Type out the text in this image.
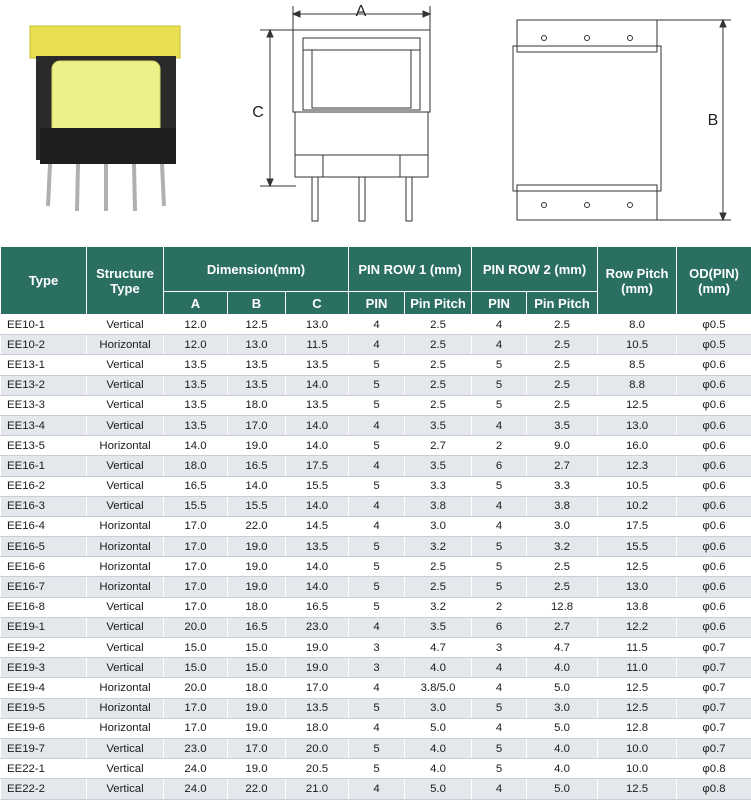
A
C	B
Type	Structure Type	Dimension(mm)			PIN ROW 1 (mm)		PIN ROW 2 (mm)		Row Pitch (mm)	OD(PIN) (mm)
		A	B	C	PIN	Pin Pitch	PIN	Pin Pitch		
EE10-1	Vertical	12.0	12.5	13.0	4	2.5	4	2.5	8.0	φ0.5
EE10-2	Horizontal	12.0	13.0	11.5	4	2.5	4	2.5	10.5	φ0.5
EE13-1	Vertical	13.5	13.5	13.5	5	2.5	5	2.5	8.5	φ0.6
EE13-2	Vertical	13.5	13.5	14.0	5	2.5	5	2.5	8.8	φ0.6
EE13-3	Vertical	13.5	18.0	13.5	5	2.5	5	2.5	12.5	φ0.6
EE13-4	Vertical	13.5	17.0	14.0	4	3.5	4	3.5	13.0	φ0.6
EE13-5	Horizontal	14.0	19.0	14.0	5	2.7	2	9.0	16.0	φ0.6
EE16-1	Vertical	18.0	16.5	17.5	4	3.5	6	2.7	12.3	φ0.6
EE16-2	Vertical	16.5	14.0	15.5	5	3.3	5	3.3	10.5	φ0.6
EE16-3	Vertical	15.5	15.5	14.0	4	3.8	4	3.8	10.2	φ0.6
EE16-4	Horizontal	17.0	22.0	14.5	4	3.0	4	3.0	17.5	φ0.6
EE16-5	Horizontal	17.0	19.0	13.5	5	3.2	5	3.2	15.5	φ0.6
EE16-6	Horizontal	17.0	19.0	14.0	5	2.5	5	2.5	12.5	φ0.6
EE16-7	Horizontal	17.0	19.0	14.0	5	2.5	5	2.5	13.0	φ0.6
EE16-8	Vertical	17.0	18.0	16.5	5	3.2	2	12.8	13.8	φ0.6
EE19-1	Vertical	20.0	16.5	23.0	4	3.5	6	2.7	12.2	φ0.6
EE19-2	Vertical	15.0	15.0	19.0	3	4.7	3	4.7	11.5	φ0.7
EE19-3	Vertical	15.0	15.0	19.0	3	4.0	4	4.0	11.0	φ0.7
EE19-4	Horizontal	20.0	18.0	17.0	4	3.8/5.0	4	5.0	12.5	φ0.7
EE19-5	Horizontal	17.0	19.0	13.5	5	3.0	5	3.0	12.5	φ0.7
EE19-6	Horizontal	17.0	19.0	18.0	4	5.0	4	5.0	12.8	φ0.7
EE19-7	Vertical	23.0	17.0	20.0	5	4.0	5	4.0	10.0	φ0.7
EE22-1	Vertical	24.0	19.0	20.5	5	4.0	5	4.0	10.0	φ0.8
EE22-2	Vertical	24.0	22.0	21.0	4	5.0	4	5.0	12.5	φ0.8
